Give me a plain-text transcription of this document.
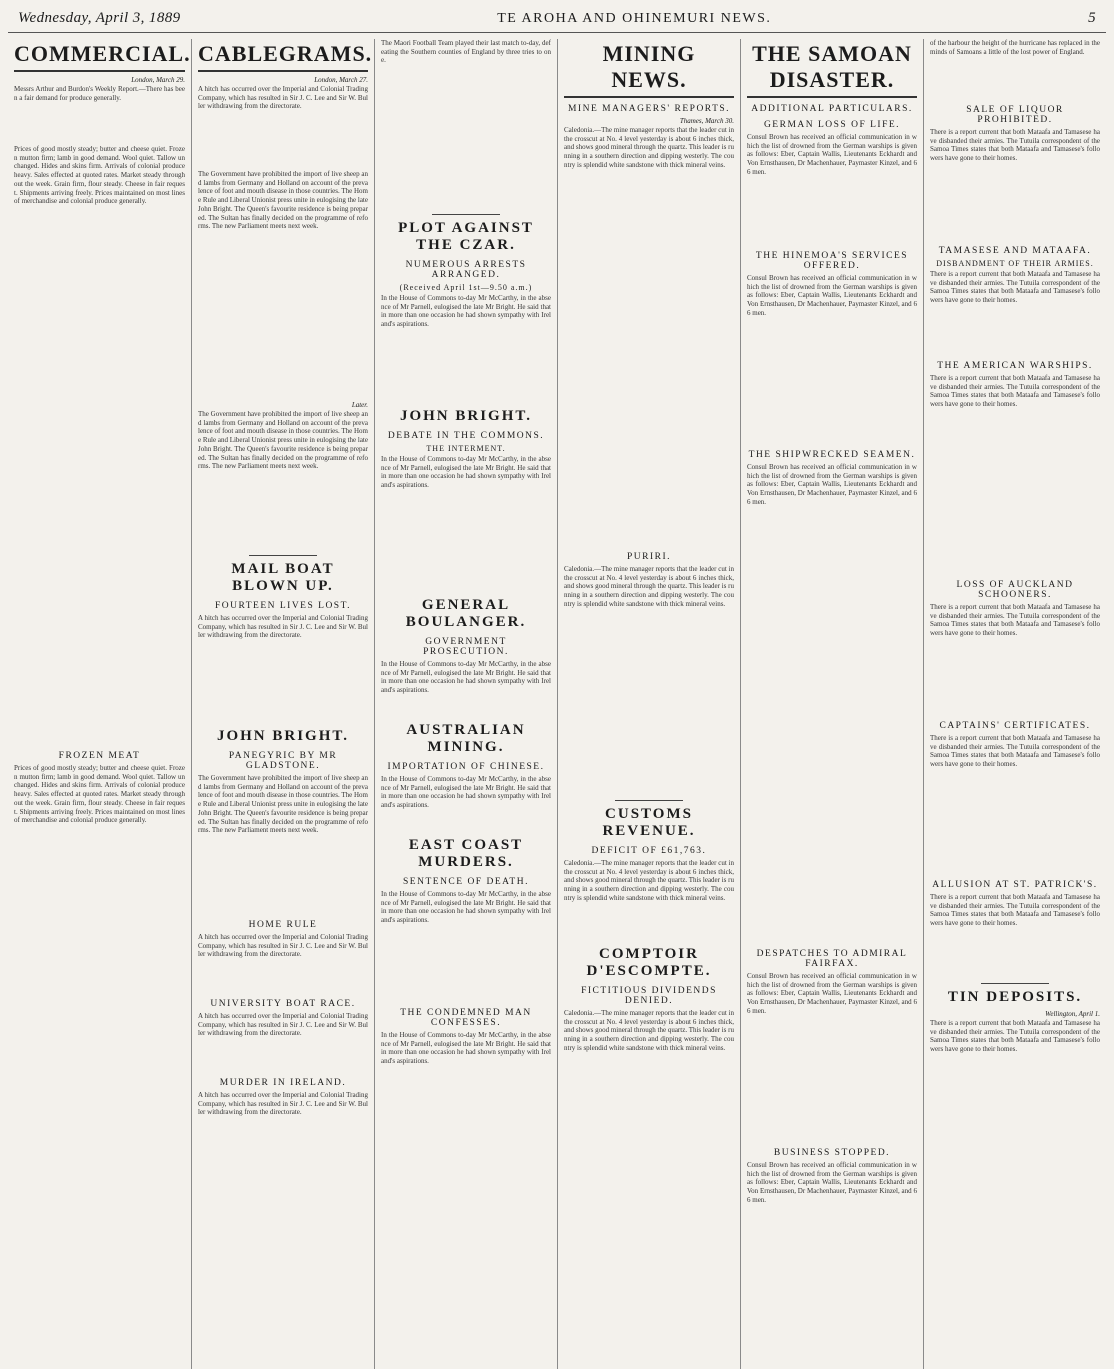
Wednesday, April 3, 1889	TE AROHA AND OHINEMURI NEWS.	5
COMMERCIAL.
London, March 29.

Messrs Arthur and Burdon's Weekly Report.—There has been a fair demand for produce generally.

Prices of good mostly steady; butter and cheese quiet. Frozen mutton firm; lamb in good demand. Wool quiet. Tallow unchanged. Hides and skins firm. Arrivals of colonial produce heavy. Sales effected at quoted rates. Market steady throughout the week. Grain firm, flour steady. Cheese in fair request. Shipments arriving freely. Prices maintained on most lines of merchandise and colonial produce generally.

FROZEN MEAT

Prices of good mostly steady; butter and cheese quiet. Frozen mutton firm; lamb in good demand. Wool quiet. Tallow unchanged. Hides and skins firm. Arrivals of colonial produce heavy. Sales effected at quoted rates. Market steady throughout the week. Grain firm, flour steady. Cheese in fair request. Shipments arriving freely. Prices maintained on most lines of merchandise and colonial produce generally.

CABLEGRAMS.
London, March 27.

A hitch has occurred over the Imperial and Colonial Trading Company, which has resulted in Sir J. C. Lee and Sir W. Buller withdrawing from the directorate.

The Government have prohibited the import of live sheep and lambs from Germany and Holland on account of the prevalence of foot and mouth disease in those countries. The Home Rule and Liberal Unionist press unite in eulogising the late John Bright. The Queen's favourite residence is being prepared. The Sultan has finally decided on the programme of reforms. The new Parliament meets next week.

Later.

The Government have prohibited the import of live sheep and lambs from Germany and Holland on account of the prevalence of foot and mouth disease in those countries. The Home Rule and Liberal Unionist press unite in eulogising the late John Bright. The Queen's favourite residence is being prepared. The Sultan has finally decided on the programme of reforms. The new Parliament meets next week.

MAIL BOAT BLOWN UP.
FOURTEEN LIVES LOST.

A hitch has occurred over the Imperial and Colonial Trading Company, which has resulted in Sir J. C. Lee and Sir W. Buller withdrawing from the directorate.

JOHN BRIGHT.
PANEGYRIC BY MR GLADSTONE.

The Government have prohibited the import of live sheep and lambs from Germany and Holland on account of the prevalence of foot and mouth disease in those countries. The Home Rule and Liberal Unionist press unite in eulogising the late John Bright. The Queen's favourite residence is being prepared. The Sultan has finally decided on the programme of reforms. The new Parliament meets next week.

HOME RULE

A hitch has occurred over the Imperial and Colonial Trading Company, which has resulted in Sir J. C. Lee and Sir W. Buller withdrawing from the directorate.

UNIVERSITY BOAT RACE.

A hitch has occurred over the Imperial and Colonial Trading Company, which has resulted in Sir J. C. Lee and Sir W. Buller withdrawing from the directorate.

MURDER IN IRELAND.

A hitch has occurred over the Imperial and Colonial Trading Company, which has resulted in Sir J. C. Lee and Sir W. Buller withdrawing from the directorate.

The Maori Football Team played their last match to-day, defeating the Southern counties of England by three tries to one.

PLOT AGAINST THE CZAR.
NUMEROUS ARRESTS ARRANGED.
(Received April 1st—9.50 a.m.)

In the House of Commons to-day Mr McCarthy, in the absence of Mr Parnell, eulogised the late Mr Bright. He said that in more than one occasion he had shown sympathy with Ireland's aspirations.

JOHN BRIGHT.
DEBATE IN THE COMMONS.
THE INTERMENT.

In the House of Commons to-day Mr McCarthy, in the absence of Mr Parnell, eulogised the late Mr Bright. He said that in more than one occasion he had shown sympathy with Ireland's aspirations.

GENERAL BOULANGER.
GOVERNMENT PROSECUTION.

In the House of Commons to-day Mr McCarthy, in the absence of Mr Parnell, eulogised the late Mr Bright. He said that in more than one occasion he had shown sympathy with Ireland's aspirations.

AUSTRALIAN MINING.
IMPORTATION OF CHINESE.

In the House of Commons to-day Mr McCarthy, in the absence of Mr Parnell, eulogised the late Mr Bright. He said that in more than one occasion he had shown sympathy with Ireland's aspirations.

EAST COAST MURDERS.
SENTENCE OF DEATH.

In the House of Commons to-day Mr McCarthy, in the absence of Mr Parnell, eulogised the late Mr Bright. He said that in more than one occasion he had shown sympathy with Ireland's aspirations.

THE CONDEMNED MAN CONFESSES.

In the House of Commons to-day Mr McCarthy, in the absence of Mr Parnell, eulogised the late Mr Bright. He said that in more than one occasion he had shown sympathy with Ireland's aspirations.

MINING NEWS.
MINE MANAGERS' REPORTS.
Thames, March 30.

Caledonia.—The mine manager reports that the leader cut in the crosscut at No. 4 level yesterday is about 6 inches thick, and shows good mineral through the quartz. This leader is running in a southern direction and dipping westerly. The country is splendid white sandstone with thick mineral veins.

PURIRI.

Caledonia.—The mine manager reports that the leader cut in the crosscut at No. 4 level yesterday is about 6 inches thick, and shows good mineral through the quartz. This leader is running in a southern direction and dipping westerly. The country is splendid white sandstone with thick mineral veins.

CUSTOMS REVENUE.
DEFICIT OF £61,763.

Caledonia.—The mine manager reports that the leader cut in the crosscut at No. 4 level yesterday is about 6 inches thick, and shows good mineral through the quartz. This leader is running in a southern direction and dipping westerly. The country is splendid white sandstone with thick mineral veins.

COMPTOIR D'ESCOMPTE.
FICTITIOUS DIVIDENDS DENIED.

Caledonia.—The mine manager reports that the leader cut in the crosscut at No. 4 level yesterday is about 6 inches thick, and shows good mineral through the quartz. This leader is running in a southern direction and dipping westerly. The country is splendid white sandstone with thick mineral veins.

THE SAMOAN DISASTER.
ADDITIONAL PARTICULARS.
GERMAN LOSS OF LIFE.

Consul Brown has received an official communication in which the list of drowned from the German warships is given as follows: Eber, Captain Wallis, Lieutenants Eckhardt and Von Ernsthausen, Dr Machenhauer, Paymaster Kinzel, and 66 men.

THE HINEMOA'S SERVICES OFFERED.

Consul Brown has received an official communication in which the list of drowned from the German warships is given as follows: Eber, Captain Wallis, Lieutenants Eckhardt and Von Ernsthausen, Dr Machenhauer, Paymaster Kinzel, and 66 men.

THE SHIPWRECKED SEAMEN.

Consul Brown has received an official communication in which the list of drowned from the German warships is given as follows: Eber, Captain Wallis, Lieutenants Eckhardt and Von Ernsthausen, Dr Machenhauer, Paymaster Kinzel, and 66 men.

DESPATCHES TO ADMIRAL FAIRFAX.

Consul Brown has received an official communication in which the list of drowned from the German warships is given as follows: Eber, Captain Wallis, Lieutenants Eckhardt and Von Ernsthausen, Dr Machenhauer, Paymaster Kinzel, and 66 men.

BUSINESS STOPPED.

Consul Brown has received an official communication in which the list of drowned from the German warships is given as follows: Eber, Captain Wallis, Lieutenants Eckhardt and Von Ernsthausen, Dr Machenhauer, Paymaster Kinzel, and 66 men.

of the harbour the height of the hurricane has replaced in the minds of Samoans a little of the lost power of England.

SALE OF LIQUOR PROHIBITED.

There is a report current that both Mataafa and Tamasese have disbanded their armies. The Tutuila correspondent of the Samoa Times states that both Mataafa and Tamasese's followers have gone to their homes.

TAMASESE AND MATAAFA.
DISBANDMENT OF THEIR ARMIES.

There is a report current that both Mataafa and Tamasese have disbanded their armies. The Tutuila correspondent of the Samoa Times states that both Mataafa and Tamasese's followers have gone to their homes.

THE AMERICAN WARSHIPS.

There is a report current that both Mataafa and Tamasese have disbanded their armies. The Tutuila correspondent of the Samoa Times states that both Mataafa and Tamasese's followers have gone to their homes.

LOSS OF AUCKLAND SCHOONERS.

There is a report current that both Mataafa and Tamasese have disbanded their armies. The Tutuila correspondent of the Samoa Times states that both Mataafa and Tamasese's followers have gone to their homes.

CAPTAINS' CERTIFICATES.

There is a report current that both Mataafa and Tamasese have disbanded their armies. The Tutuila correspondent of the Samoa Times states that both Mataafa and Tamasese's followers have gone to their homes.

ALLUSION AT ST. PATRICK'S.

There is a report current that both Mataafa and Tamasese have disbanded their armies. The Tutuila correspondent of the Samoa Times states that both Mataafa and Tamasese's followers have gone to their homes.

TIN DEPOSITS.
Wellington, April 1.

There is a report current that both Mataafa and Tamasese have disbanded their armies. The Tutuila correspondent of the Samoa Times states that both Mataafa and Tamasese's followers have gone to their homes.
